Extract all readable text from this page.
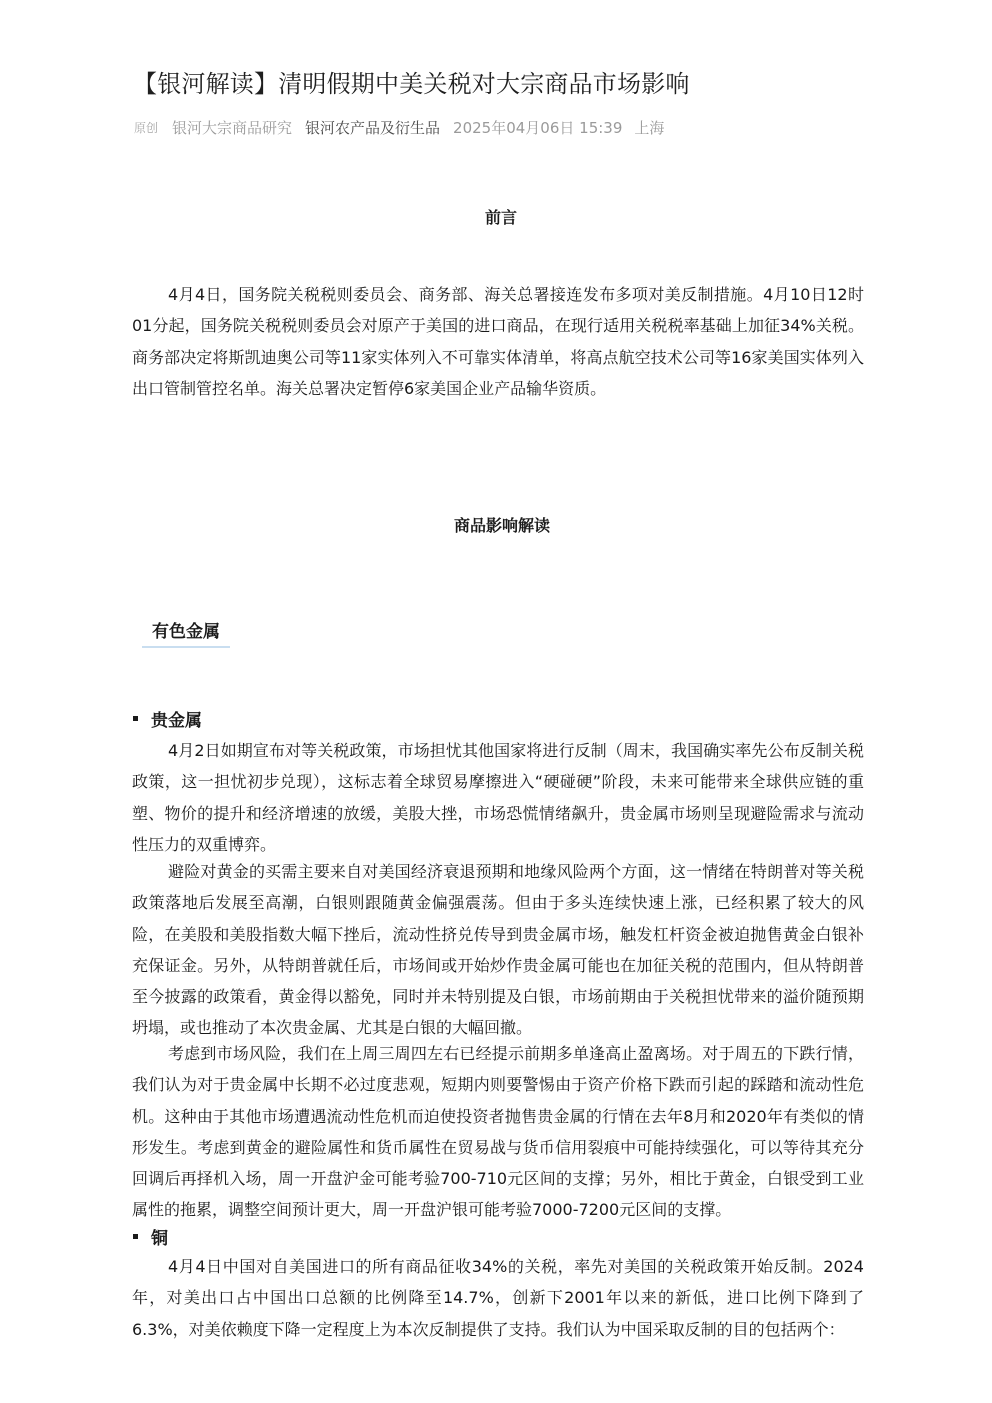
【银河解读】清明假期中美关税对大宗商品市场影响
原创 银河大宗商品研究 银河农产品及衍生品 2025年04月06日 15:39 上海
前言

4月4日，国务院关税税则委员会、商务部、海关总署接连发布多项对美反制措施。4月10日12时01分起，国务院关税税则委员会对原产于美国的进口商品，在现行适用关税税率基础上加征34%关税。商务部决定将斯凯迪奥公司等11家实体列入不可靠实体清单，将高点航空技术公司等16家美国实体列入出口管制管控名单。海关总署决定暂停6家美国企业产品输华资质。

商品影响解读
有色金属
贵金属

4月2日如期宣布对等关税政策，市场担忧其他国家将进行反制（周末，我国确实率先公布反制关税政策，这一担忧初步兑现），这标志着全球贸易摩擦进入“硬碰硬”阶段，未来可能带来全球供应链的重塑、物价的提升和经济增速的放缓，美股大挫，市场恐慌情绪飙升，贵金属市场则呈现避险需求与流动性压力的双重博弈。

避险对黄金的买需主要来自对美国经济衰退预期和地缘风险两个方面，这一情绪在特朗普对等关税政策落地后发展至高潮，白银则跟随黄金偏强震荡。但由于多头连续快速上涨，已经积累了较大的风险，在美股和美股指数大幅下挫后，流动性挤兑传导到贵金属市场，触发杠杆资金被迫抛售黄金白银补充保证金。另外，从特朗普就任后，市场间或开始炒作贵金属可能也在加征关税的范围内，但从特朗普至今披露的政策看，黄金得以豁免，同时并未特别提及白银，市场前期由于关税担忧带来的溢价随预期坍塌，或也推动了本次贵金属、尤其是白银的大幅回撤。

考虑到市场风险，我们在上周三周四左右已经提示前期多单逢高止盈离场。对于周五的下跌行情，我们认为对于贵金属中长期不必过度悲观，短期内则要警惕由于资产价格下跌而引起的踩踏和流动性危机。这种由于其他市场遭遇流动性危机而迫使投资者抛售贵金属的行情在去年8月和2020年有类似的情形发生。考虑到黄金的避险属性和货币属性在贸易战与货币信用裂痕中可能持续强化，可以等待其充分回调后再择机入场，周一开盘沪金可能考验700-710元区间的支撑；另外，相比于黄金，白银受到工业属性的拖累，调整空间预计更大，周一开盘沪银可能考验7000-7200元区间的支撑。

铜

4月4日中国对自美国进口的所有商品征收34%的关税，率先对美国的关税政策开始反制。2024年，对美出口占中国出口总额的比例降至14.7%，创新下2001年以来的新低，进口比例下降到了6.3%，对美依赖度下降一定程度上为本次反制提供了支持。我们认为中国采取反制的目的包括两个：
